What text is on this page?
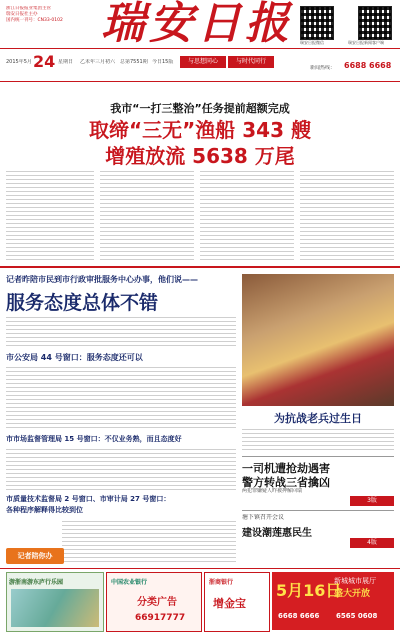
浙江日报报业集团主管
瑞安日报社主办
国内统一刊号：CN33-0102 瑞安日报	瑞安日报微信	瑞安日报新闻客户端
2015年5月 24 星期日	乙未年三月初六 总第7551期 今日15版	与思想同心	与时代同行
新闻热线：	6688 6668
我市“一打三整治”任务提前超额完成
取缔“三无”渔船 343 艘
增殖放流 5638 万尾
记者昨陪市民到市行政审批服务中心办事，他们说——
服务态度总体不错
市公安局 44 号窗口：服务态度还可以
市市场监督管理局 15 号窗口：不仅业务熟，而且态度好
市质量技术监督局 2 号窗口、市审计局 27 号窗口：
各种程序解释得比较到位
记者陪你办
为抗战老兵过生日
一司机遭抢劫遇害
警方转战三省擒凶
两犯罪嫌疑人昨被押解回瑞
3版
塘下镇召开会议
建设潮莲惠民生
4版
游浙南游东庐行乐园	中国农业银行
分类广告
66917777
浙商银行
增金宝
5月16日
新城城市展厅
盛大开放
6668 6666 6565 0608
